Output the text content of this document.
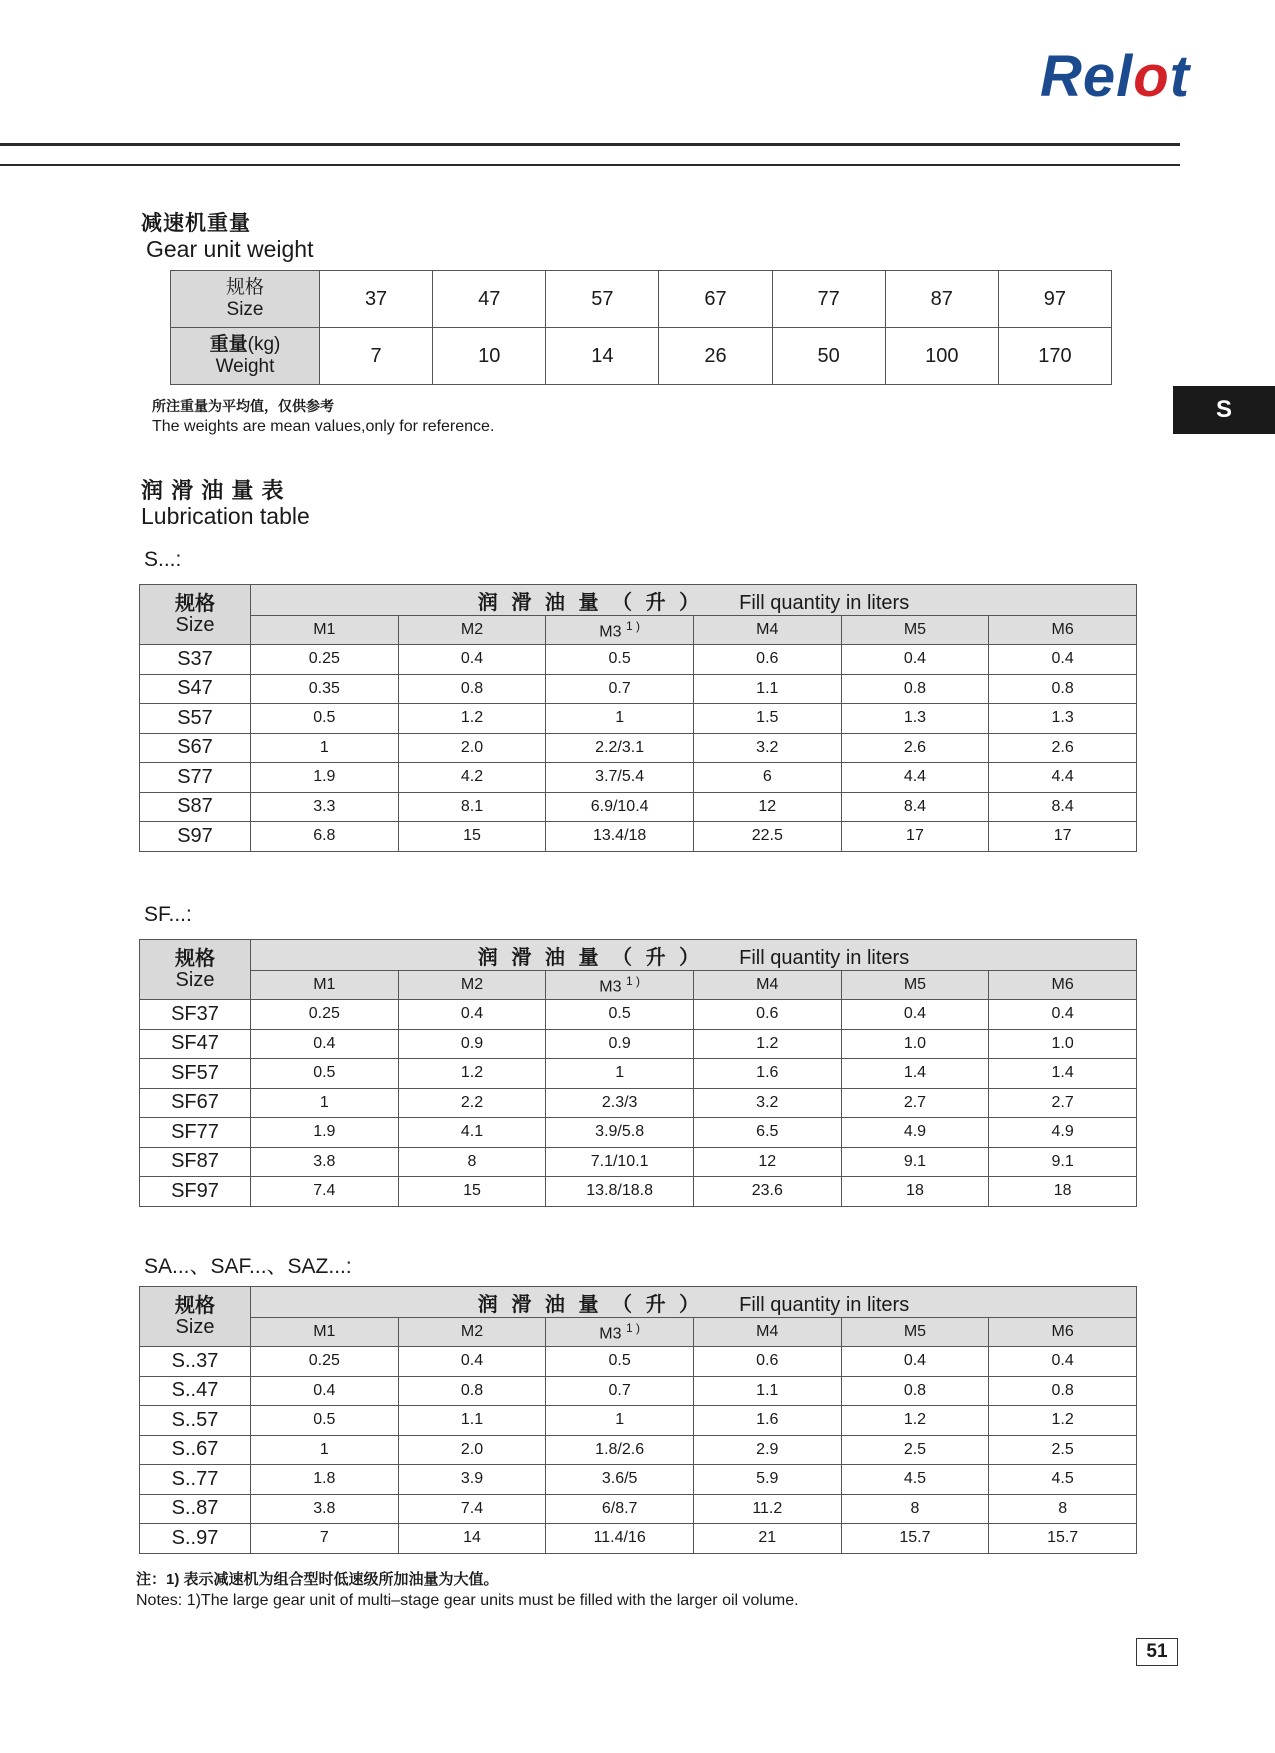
Relot
S
减速机重量
Gear unit weight
规格
Size	37	47	57	67	77	87	97
重量(kg)
Weight	7	10	14	26	50	100	170
所注重量为平均值，仅供参考
The weights are mean values,only for reference.
润 滑 油 量 表
Lubrication table
S...:
规格
Size	润 滑 油 量 （ 升 ） Fill quantity in liters					
	M1	M2	M3 $^{1 )}$	M4	M5	M6
S37	0.25	0.4	0.5	0.6	0.4	0.4
S47	0.35	0.8	0.7	1.1	0.8	0.8
S57	0.5	1.2	1	1.5	1.3	1.3
S67	1	2.0	2.2/3.1	3.2	2.6	2.6
S77	1.9	4.2	3.7/5.4	6	4.4	4.4
S87	3.3	8.1	6.9/10.4	12	8.4	8.4
S97	6.8	15	13.4/18	22.5	17	17
SF...:
规格
Size	润 滑 油 量 （ 升 ） Fill quantity in liters					
	M1	M2	M3 $^{1 )}$	M4	M5	M6
SF37	0.25	0.4	0.5	0.6	0.4	0.4
SF47	0.4	0.9	0.9	1.2	1.0	1.0
SF57	0.5	1.2	1	1.6	1.4	1.4
SF67	1	2.2	2.3/3	3.2	2.7	2.7
SF77	1.9	4.1	3.9/5.8	6.5	4.9	4.9
SF87	3.8	8	7.1/10.1	12	9.1	9.1
SF97	7.4	15	13.8/18.8	23.6	18	18
SA...、SAF...、SAZ...:
规格
Size	润 滑 油 量 （ 升 ） Fill quantity in liters					
	M1	M2	M3 $^{1 )}$	M4	M5	M6
S..37	0.25	0.4	0.5	0.6	0.4	0.4
S..47	0.4	0.8	0.7	1.1	0.8	0.8
S..57	0.5	1.1	1	1.6	1.2	1.2
S..67	1	2.0	1.8/2.6	2.9	2.5	2.5
S..77	1.8	3.9	3.6/5	5.9	4.5	4.5
S..87	3.8	7.4	6/8.7	11.2	8	8
S..97	7	14	11.4/16	21	15.7	15.7
注：1) 表示减速机为组合型时低速级所加油量为大值。
Notes: 1)The large gear unit of multi–stage gear units must be filled with the larger oil volume.
51
